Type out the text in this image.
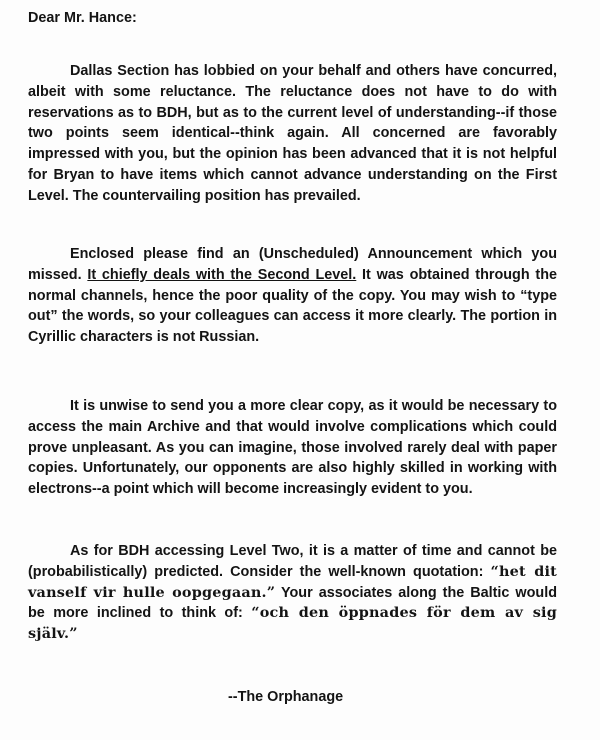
Dear Mr. Hance:

Dallas Section has lobbied on your behalf and others have concurred, albeit with some reluctance. The reluctance does not have to do with reservations as to BDH, but as to the current level of understanding--if those two points seem identical--think again. All concerned are favorably impressed with you, but the opinion has been advanced that it is not helpful for Bryan to have items which cannot advance understanding on the First Level. The countervailing position has prevailed.

Enclosed please find an (Unscheduled) Announcement which you missed. It chiefly deals with the Second Level. It was obtained through the normal channels, hence the poor quality of the copy. You may wish to “type out” the words, so your colleagues can access it more clearly. The portion in Cyrillic characters is not Russian.

It is unwise to send you a more clear copy, as it would be necessary to access the main Archive and that would involve complications which could prove unpleasant. As you can imagine, those involved rarely deal with paper copies. Unfortunately, our opponents are also highly skilled in working with electrons--a point which will become increasingly evident to you.

As for BDH accessing Level Two, it is a matter of time and cannot be (probabilistically) predicted. Consider the well-known quotation: “het dit vanself vir hulle oopgegaan.” Your associates along the Baltic would be more inclined to think of: “och den öppnades för dem av sig själv.”

--The Orphanage
